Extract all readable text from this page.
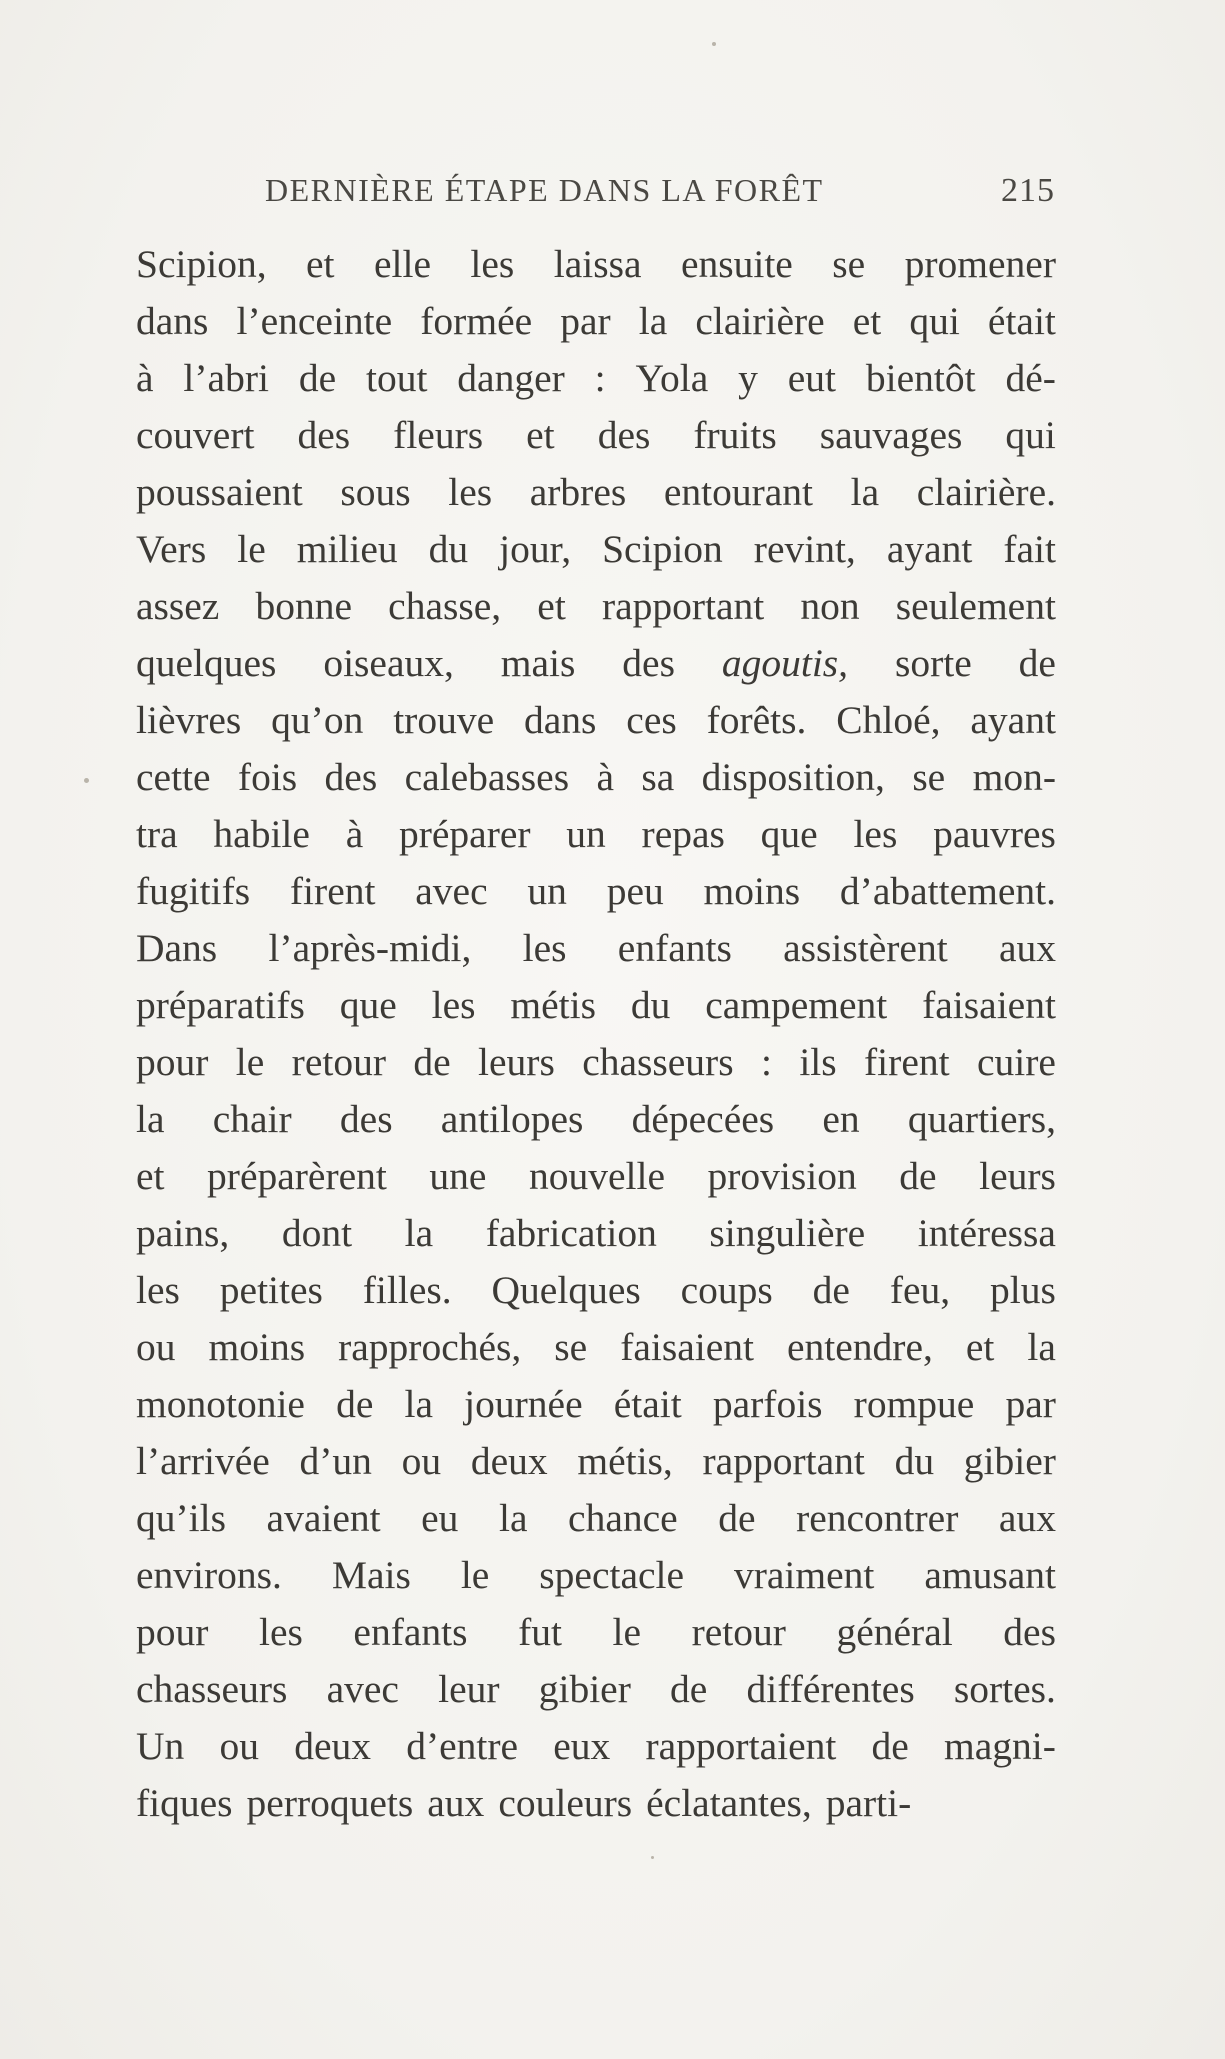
DERNIÈRE ÉTAPE DANS LA FORÊT	215
Scipion, et elle les laissa ensuite se promener
dans l’enceinte formée par la clairière et qui était
à l’abri de tout danger : Yola y eut bientôt dé-
couvert des fleurs et des fruits sauvages qui
poussaient sous les arbres entourant la clairière.
Vers le milieu du jour, Scipion revint, ayant fait
assez bonne chasse, et rapportant non seulement
quelques oiseaux, mais des agoutis, sorte de
lièvres qu’on trouve dans ces forêts. Chloé, ayant
cette fois des calebasses à sa disposition, se mon-
tra habile à préparer un repas que les pauvres
fugitifs firent avec un peu moins d’abattement.
Dans l’après-midi, les enfants assistèrent aux
préparatifs que les métis du campement faisaient
pour le retour de leurs chasseurs : ils firent cuire
la chair des antilopes dépecées en quartiers,
et préparèrent une nouvelle provision de leurs
pains, dont la fabrication singulière intéressa
les petites filles. Quelques coups de feu, plus
ou moins rapprochés, se faisaient entendre, et la
monotonie de la journée était parfois rompue par
l’arrivée d’un ou deux métis, rapportant du gibier
qu’ils avaient eu la chance de rencontrer aux
environs. Mais le spectacle vraiment amusant
pour les enfants fut le retour général des
chasseurs avec leur gibier de différentes sortes.
Un ou deux d’entre eux rapportaient de magni-
fiques perroquets aux couleurs éclatantes, parti-
